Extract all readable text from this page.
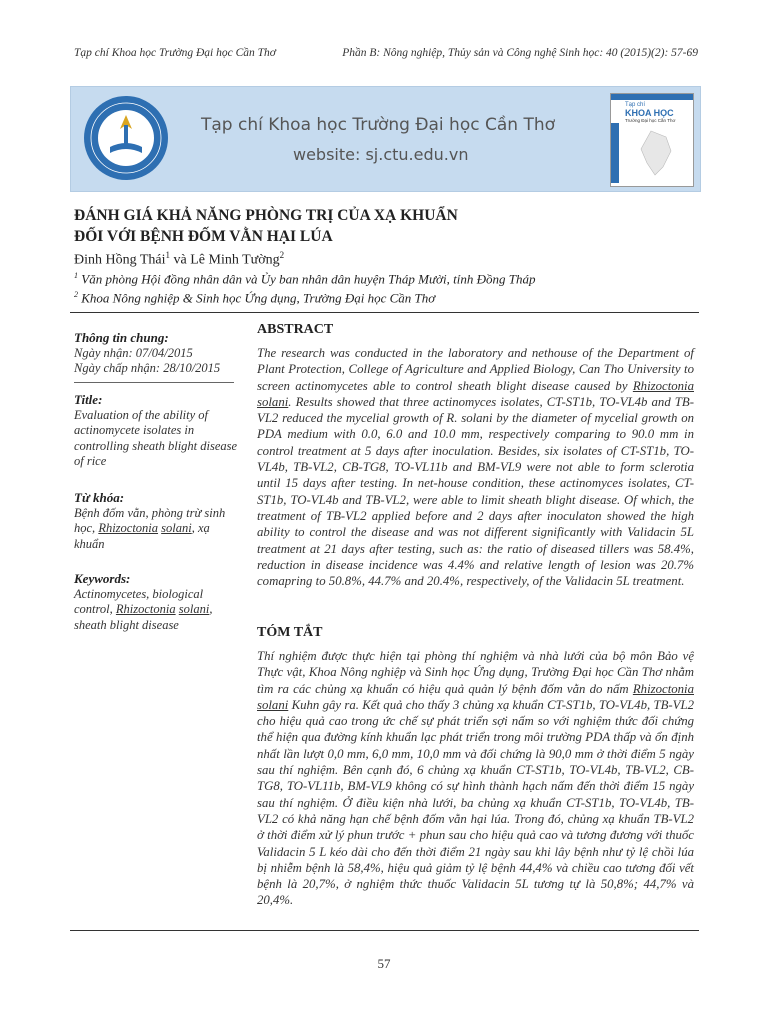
Tạp chí Khoa học Trường Đại học Cần Thơ	Phần B: Nông nghiệp, Thủy sản và Công nghệ Sinh học: 40 (2015)(2): 57-69
Tạp chí Khoa học Trường Đại học Cần Thơ
website: sj.ctu.edu.vn
Tạp chí
KHOA HỌC
Trường Đại học Cần Thơ
ĐÁNH GIÁ KHẢ NĂNG PHÒNG TRỊ CỦA XẠ KHUẨN
ĐỐI VỚI BỆNH ĐỐM VẰN HẠI LÚA
Đinh Hồng Thái$^1$ và Lê Minh Tường$^2$
$^1$ Văn phòng Hội đồng nhân dân và Ủy ban nhân dân huyện Tháp Mười, tỉnh Đồng Tháp
$^2$ Khoa Nông nghiệp & Sinh học Ứng dụng, Trường Đại học Cần Thơ
Thông tin chung:
Ngày nhận: 07/04/2015
Ngày chấp nhận: 28/10/2015
Title:
Evaluation of the ability of actinomycete isolates in controlling sheath blight disease of rice
Từ khóa:
Bệnh đốm vằn, phòng trừ sinh học, Rhizoctonia solani, xạ khuẩn
Keywords:
Actinomycetes, biological control, Rhizoctonia solani, sheath blight disease
ABSTRACT
The research was conducted in the laboratory and nethouse of the Department of Plant Protection, College of Agriculture and Applied Biology, Can Tho University to screen actinomycetes able to control sheath blight disease caused by Rhizoctonia solani. Results showed that three actinomyces isolates, CT-ST1b, TO-VL4b and TB-VL2 reduced the mycelial growth of R. solani by the diameter of mycelial growth on PDA medium with 0.0, 6.0 and 10.0 mm, respectively comparing to 90.0 mm in control treatment at 5 days after inoculation. Besides, six isolates of CT-ST1b, TO-VL4b, TB-VL2, CB-TG8, TO-VL11b and BM-VL9 were not able to form sclerotia until 15 days after testing. In net-house condition, these actinomyces isolates, CT-ST1b, TO-VL4b and TB-VL2, were able to limit sheath blight disease. Of which, the treatment of TB-VL2 applied before and 2 days after inoculaton showed the high ability to control the disease and was not different significantly with Validacin 5L treatment at 21 days after testing, such as: the ratio of diseased tillers was 58.4%, reduction in disease incidence was 4.4% and relative length of lesion was 20.7% comapring to 50.8%, 44.7% and 20.4%, respectively, of the Validacin 5L treatment.
TÓM TẮT
Thí nghiệm được thực hiện tại phòng thí nghiệm và nhà lưới của bộ môn Bảo vệ Thực vật, Khoa Nông nghiệp và Sinh học Ứng dụng, Trường Đại học Cần Thơ nhằm tìm ra các chủng xạ khuẩn có hiệu quả quản lý bệnh đốm vằn do nấm Rhizoctonia solani Kuhn gây ra. Kết quả cho thấy 3 chủng xạ khuẩn CT-ST1b, TO-VL4b, TB-VL2 cho hiệu quả cao trong ức chế sự phát triển sợi nấm so với nghiệm thức đối chứng thể hiện qua đường kính khuẩn lạc phát triển trong môi trường PDA thấp và ổn định nhất lần lượt 0,0 mm, 6,0 mm, 10,0 mm và đối chứng là 90,0 mm ở thời điểm 5 ngày sau thí nghiệm. Bên cạnh đó, 6 chủng xạ khuẩn CT-ST1b, TO-VL4b, TB-VL2, CB-TG8, TO-VL11b, BM-VL9 không có sự hình thành hạch nấm đến thời điểm 15 ngày sau thí nghiệm. Ở điều kiện nhà lưới, ba chủng xạ khuẩn CT-ST1b, TO-VL4b, TB-VL2 có khả năng hạn chế bệnh đốm vằn hại lúa. Trong đó, chủng xạ khuẩn TB-VL2 ở thời điểm xử lý phun trước + phun sau cho hiệu quả cao và tương đương với thuốc Validacin 5 L kéo dài cho đến thời điểm 21 ngày sau khi lây bệnh như tỷ lệ chồi lúa bị nhiễm bệnh là 58,4%, hiệu quả giảm tỷ lệ bệnh 44,4% và chiều cao tương đối vết bệnh là 20,7%, ở nghiệm thức thuốc Validacin 5L tương tự là 50,8%; 44,7% và 20,4%.
57
